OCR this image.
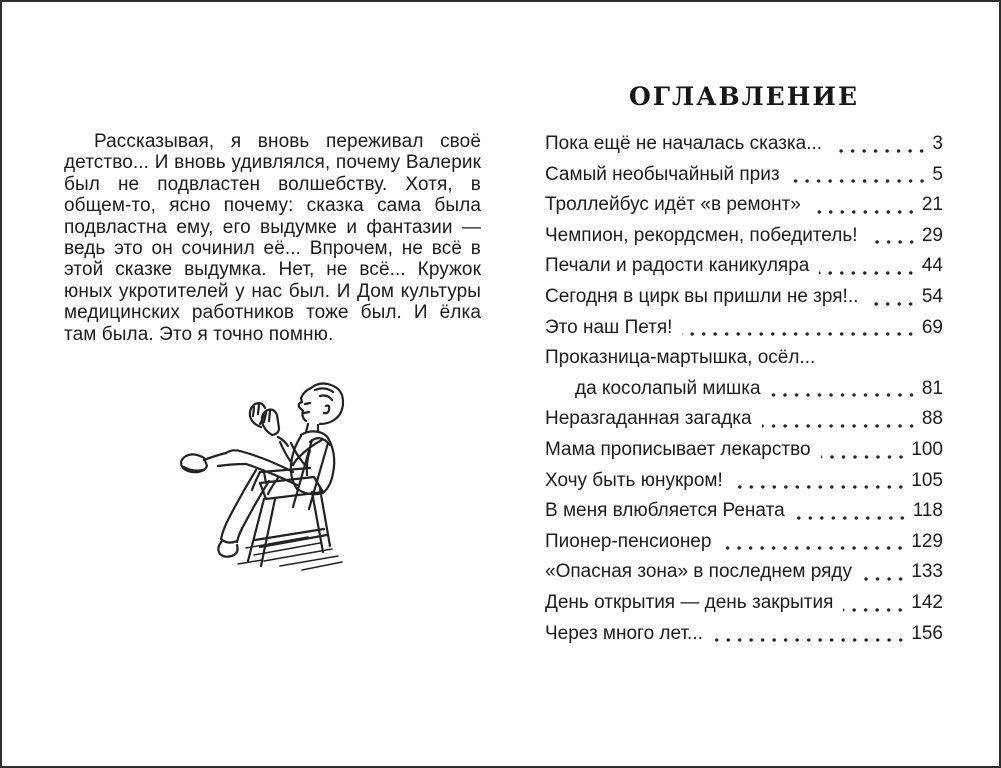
Рассказывая, я вновь переживал своё детство... И вновь удивлялся, почему Валерик был не подвластен волшебству. Хотя, в общем-то, ясно почему: сказка сама была подвластна ему, его выдумке и фантазии — ведь это он сочинил её... Впрочем, не всё в этой сказке выдумка. Нет, не всё... Кружок юных укротителей у нас был. И Дом культуры медицинских работников тоже был. И ёлка там была. Это я точно помню.

ОГЛАВЛЕНИЕ
Пока ещё не началась сказка...	3
Самый необычайный приз	5
Троллейбус идёт «в ремонт»	21
Чемпион, рекордсмен, победитель!	29
Печали и радости каникуляра	44
Сегодня в цирк вы пришли не зря!..	54
Это наш Петя!	69
Проказница-мартышка, осёл...
да косолапый мишка	81
Неразгаданная загадка	88
Мама прописывает лекарство	100
Хочу быть юнукром!	105
В меня влюбляется Рената	118
Пионер-пенсионер	129
«Опасная зона» в последнем ряду	133
День открытия — день закрытия	142
Через много лет...	156
